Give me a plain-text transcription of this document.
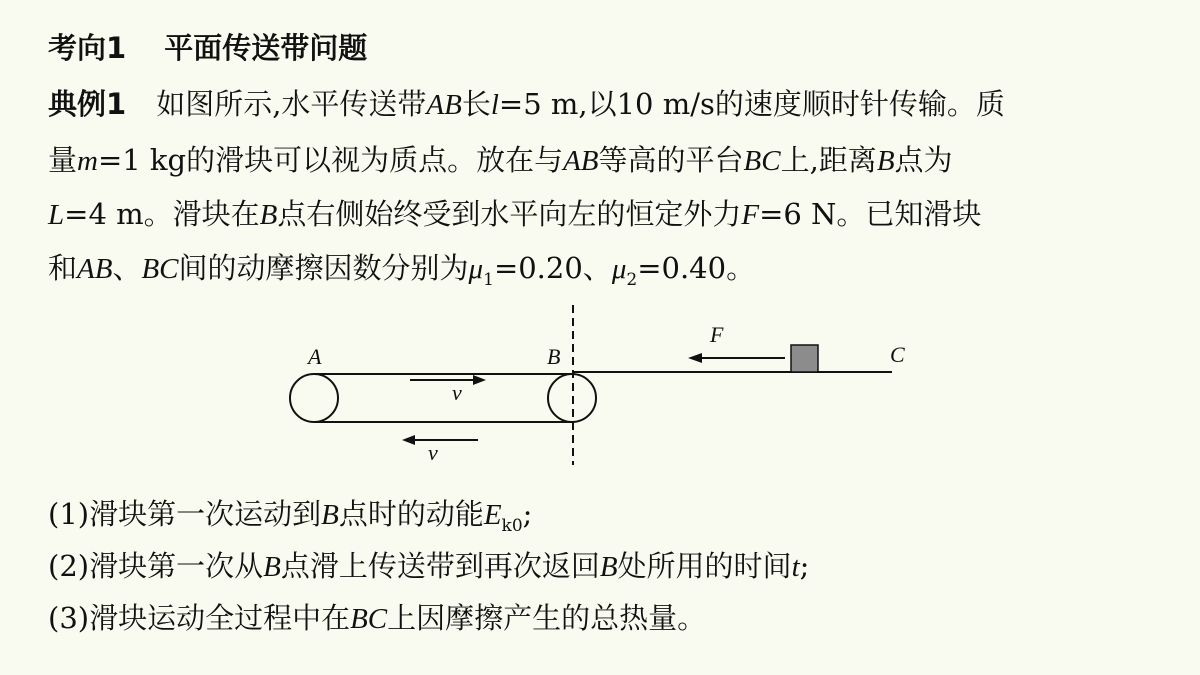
考向1 平面传送带问题
典例1 如图所示,水平传送带AB长l=5 m,以10 m/s的速度顺时针传输。质
量m=1 kg的滑块可以视为质点。放在与AB等高的平台BC上,距离B点为
L=4 m。滑块在B点右侧始终受到水平向左的恒定外力F=6 N。已知滑块
和AB、BC间的动摩擦因数分别为$\mu_1=0.20$、$\mu_2=0.40$。
A	B	C
F
v
v
(1)滑块第一次运动到B点时的动能$E_{k0}$;
(2)滑块第一次从B点滑上传送带到再次返回B处所用的时间t;
(3)滑块运动全过程中在BC上因摩擦产生的总热量。
